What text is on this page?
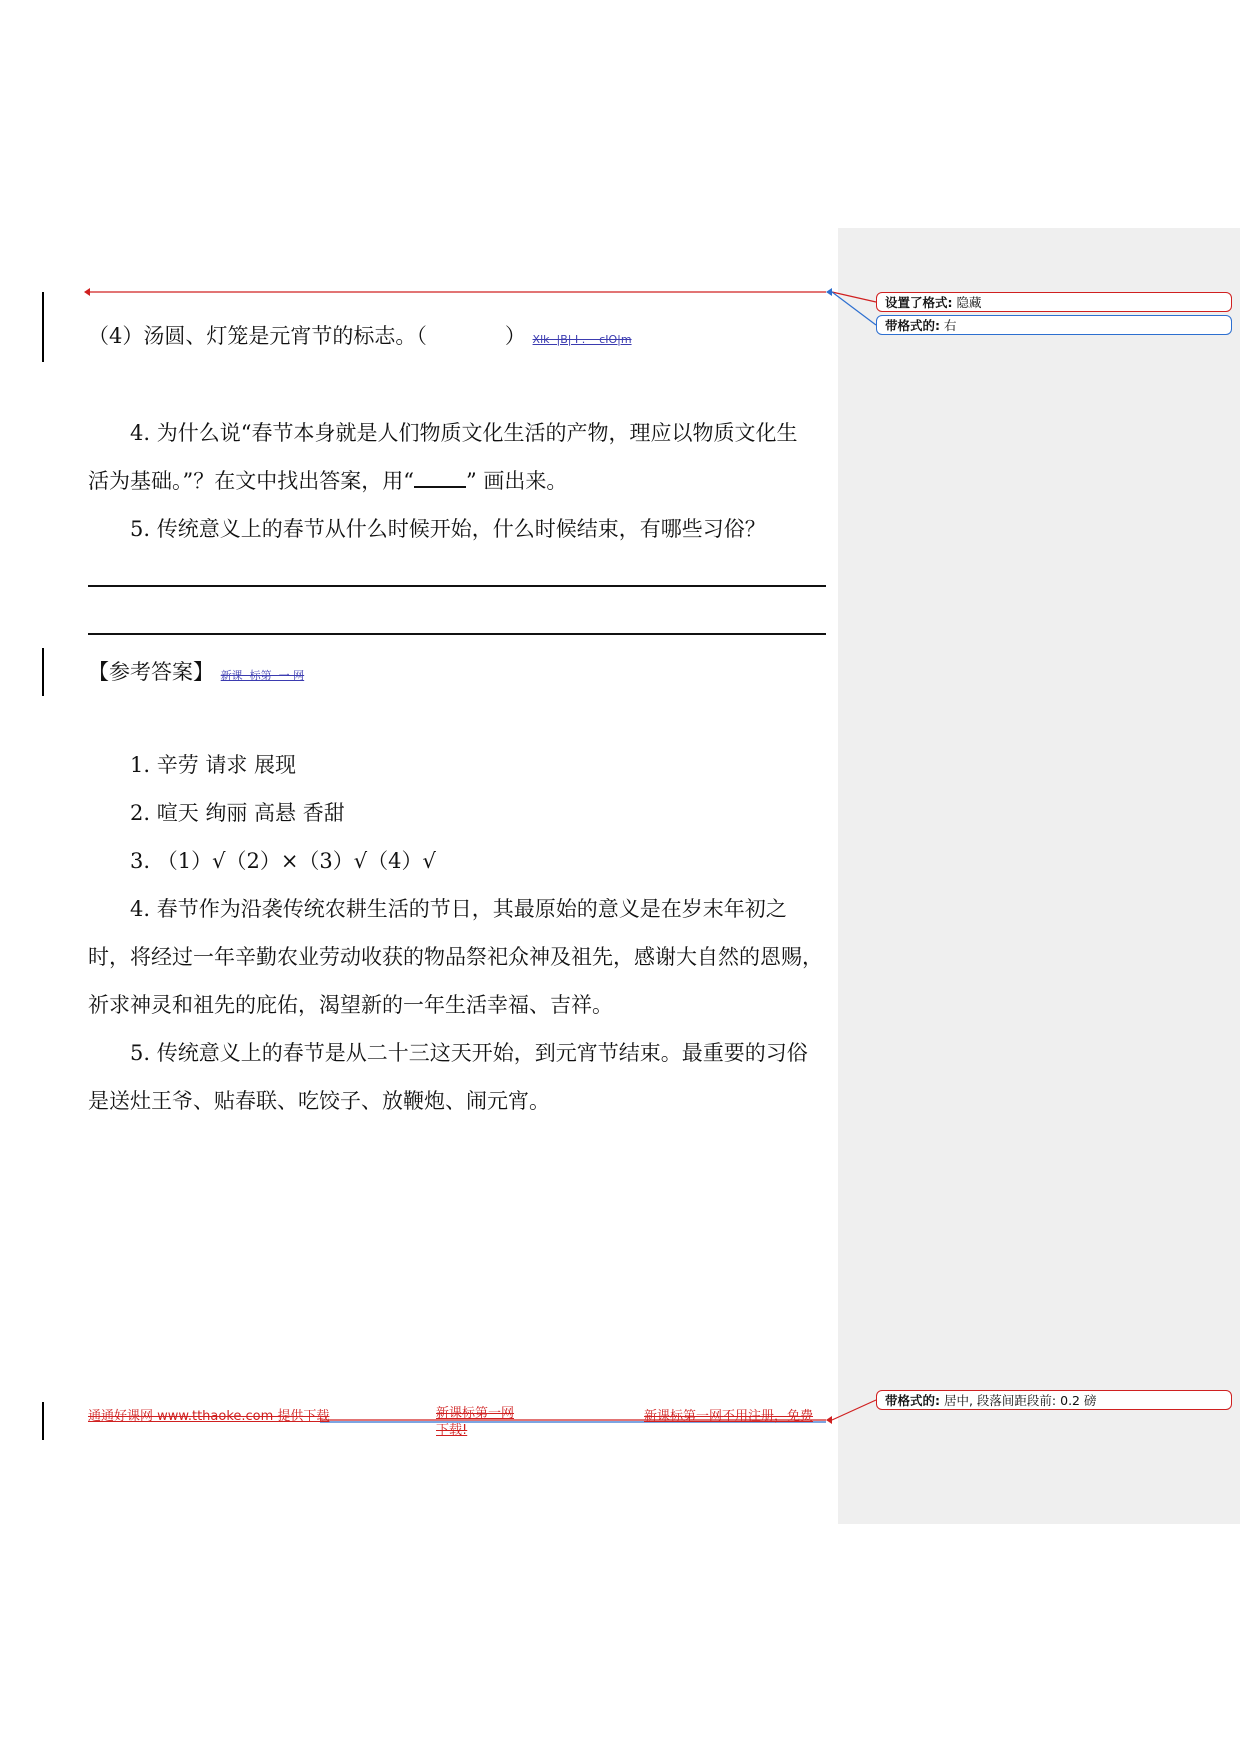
设置了格式: 隐藏
带格式的: 右
带格式的: 居中, 段落间距段前: 0.2 磅
（4）汤圆、灯笼是元宵节的标志。（	） Xlk  |B| I .    cIO|m
4. 为什么说“春节本身就是人们物质文化生活的产物，理应以物质文化生
活为基础。”？在文中找出答案，用“ ” 画出来。
5. 传统意义上的春节从什么时候开始，什么时候结束，有哪些习俗？
【参考答案】 新课  标第  一 网
1. 辛劳 请求 展现
2. 喧天 绚丽 高悬 香甜
3. （1）√（2）×（3）√（4）√
4. 春节作为沿袭传统农耕生活的节日，其最原始的意义是在岁末年初之
时，将经过一年辛勤农业劳动收获的物品祭祀众神及祖先，感谢大自然的恩赐，
祈求神灵和祖先的庇佑，渴望新的一年生活幸福、吉祥。
5. 传统意义上的春节是从二十三这天开始，到元宵节结束。最重要的习俗
是送灶王爷、贴春联、吃饺子、放鞭炮、闹元宵。
通通好课网 www.tthaoke.com 提供下载	新课标第一网
下载!
新课标第一网不用注册，免费
